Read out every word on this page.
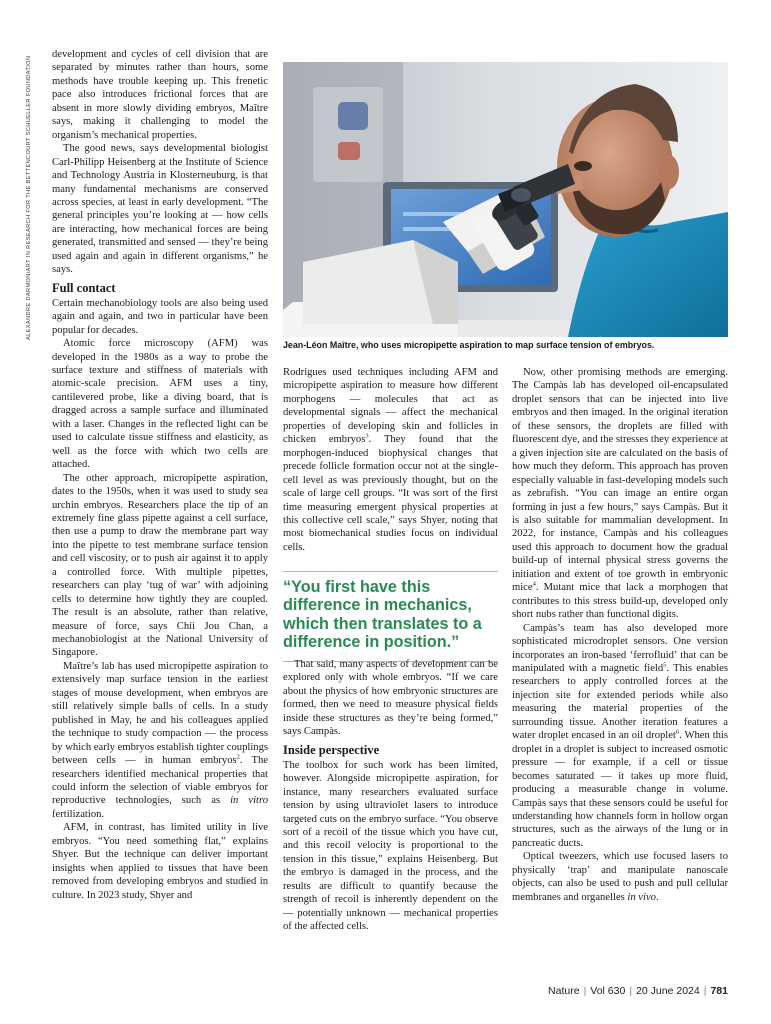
ALEXANDRE DARMON/ART IN RESEARCH FOR THE BETTENCOURT SCHUELLER FOUNDATION

development and cycles of cell division that are separated by minutes rather than hours, some methods have trouble keeping up. This frenetic pace also introduces frictional forces that are absent in more slowly dividing embryos, Maître says, making it challenging to model the organism’s mechanical properties.

The good news, says developmental biologist Carl-Philipp Heisenberg at the Institute of Science and Technology Austria in Klosterneuburg, is that many fundamental mechanisms are conserved across species, at least in early development. “The general principles you’re looking at — how cells are interacting, how mechanical forces are being generated, transmitted and sensed — they’re being used again and again in different organisms,” he says.

Full contact

Certain mechanobiology tools are also being used again and again, and two in particular have been popular for decades.

Atomic force microscopy (AFM) was developed in the 1980s as a way to probe the surface texture and stiffness of materials with atomic-scale precision. AFM uses a tiny, cantilevered probe, like a diving board, that is dragged across a sample surface and illuminated with a laser. Changes in the reflected light can be used to calculate tissue stiffness and elasticity, as well as the force with which two cells are attached.

The other approach, micropipette aspiration, dates to the 1950s, when it was used to study sea urchin embryos. Researchers place the tip of an extremely fine glass pipette against a cell surface, then use a pump to draw the membrane part way into the pipette to test membrane surface tension and cell viscosity, or to push air against it to apply a controlled force. With multiple pipettes, researchers can play ‘tug of war’ with adjoining cells to determine how tightly they are coupled. The result is an absolute, rather than relative, measure of force, says Chii Jou Chan, a mechanobiologist at the National University of Singapore.

Maître’s lab has used micropipette aspiration to extensively map surface tension in the earliest stages of mouse development, when embryos are still relatively simple balls of cells. In a study published in May, he and his colleagues applied the technique to study compaction — the process by which early embryos establish tighter couplings between cells — in human embryos$^2$. The researchers identified mechanical properties that could inform the selection of viable embryos for reproductive technologies, such as in vitro fertilization.

AFM, in contrast, has limited utility in live embryos. “You need something flat,” explains Shyer. But the technique can deliver important insights when applied to tissues that have been removed from developing embryos and studied in culture. In 2023 study, Shyer and

Jean-Léon Maître, who uses micropipette aspiration to map surface tension of embryos.

Rodrigues used techniques including AFM and micropipette aspiration to measure how different morphogens — molecules that act as developmental signals — affect the mechanical properties of developing skin and follicles in chicken embryos$^3$. They found that the morphogen-induced biophysical changes that precede follicle formation occur not at the single-cell level as was previously thought, but on the scale of large cell groups. “It was sort of the first time measuring emergent physical properties at this collective cell scale,” says Shyer, noting that most biomechanical studies focus on individual cells.

“You first have this difference in mechanics, which then translates to a difference in position.”

That said, many aspects of development can be explored only with whole embryos. “If we care about the physics of how embryonic structures are formed, then we need to measure physical fields inside these structures as they’re being formed,” says Campàs.

Inside perspective

The toolbox for such work has been limited, however. Alongside micropipette aspiration, for instance, many researchers evaluated surface tension by using ultraviolet lasers to introduce targeted cuts on the embryo surface. “You observe sort of a recoil of the tissue which you have cut, and this recoil velocity is proportional to the tension in this tissue,” explains Heisenberg. But the embryo is damaged in the process, and the results are difficult to quantify because the strength of recoil is inherently dependent on the — potentially unknown — mechanical properties of the affected cells.

Now, other promising methods are emerging. The Campàs lab has developed oil-encapsulated droplet sensors that can be injected into live embryos and then imaged. In the original iteration of these sensors, the droplets are filled with fluorescent dye, and the stresses they experience at a given injection site are calculated on the basis of how much they deform. This approach has proven especially valuable in fast-developing models such as zebrafish. “You can image an entire organ forming in just a few hours,” says Campàs. But it is also suitable for mammalian development. In 2022, for instance, Campàs and his colleagues used this approach to document how the gradual build-up of internal physical stress governs the initiation and extent of toe growth in embryonic mice$^4$. Mutant mice that lack a morphogen that contributes to this stress build-up, developed only short nubs rather than functional digits.

Campàs’s team has also developed more sophisticated microdroplet sensors. One version incorporates an iron-based ‘ferrofluid’ that can be manipulated with a magnetic field$^5$. This enables researchers to apply controlled forces at the injection site for extended periods while also measuring the material properties of the surrounding tissue. Another iteration features a water droplet encased in an oil droplet$^6$. When this droplet in a droplet is subject to increased osmotic pressure — for example, if a cell or tissue becomes saturated — it takes up more fluid, producing a measurable change in volume. Campàs says that these sensors could be useful for understanding how channels form in hollow organ structures, such as the airways of the lung or in pancreatic ducts.

Optical tweezers, which use focused lasers to physically ‘trap’ and manipulate nanoscale objects, can also be used to push and pull cellular membranes and organelles in vivo.

Nature | Vol 630 | 20 June 2024 | 781
